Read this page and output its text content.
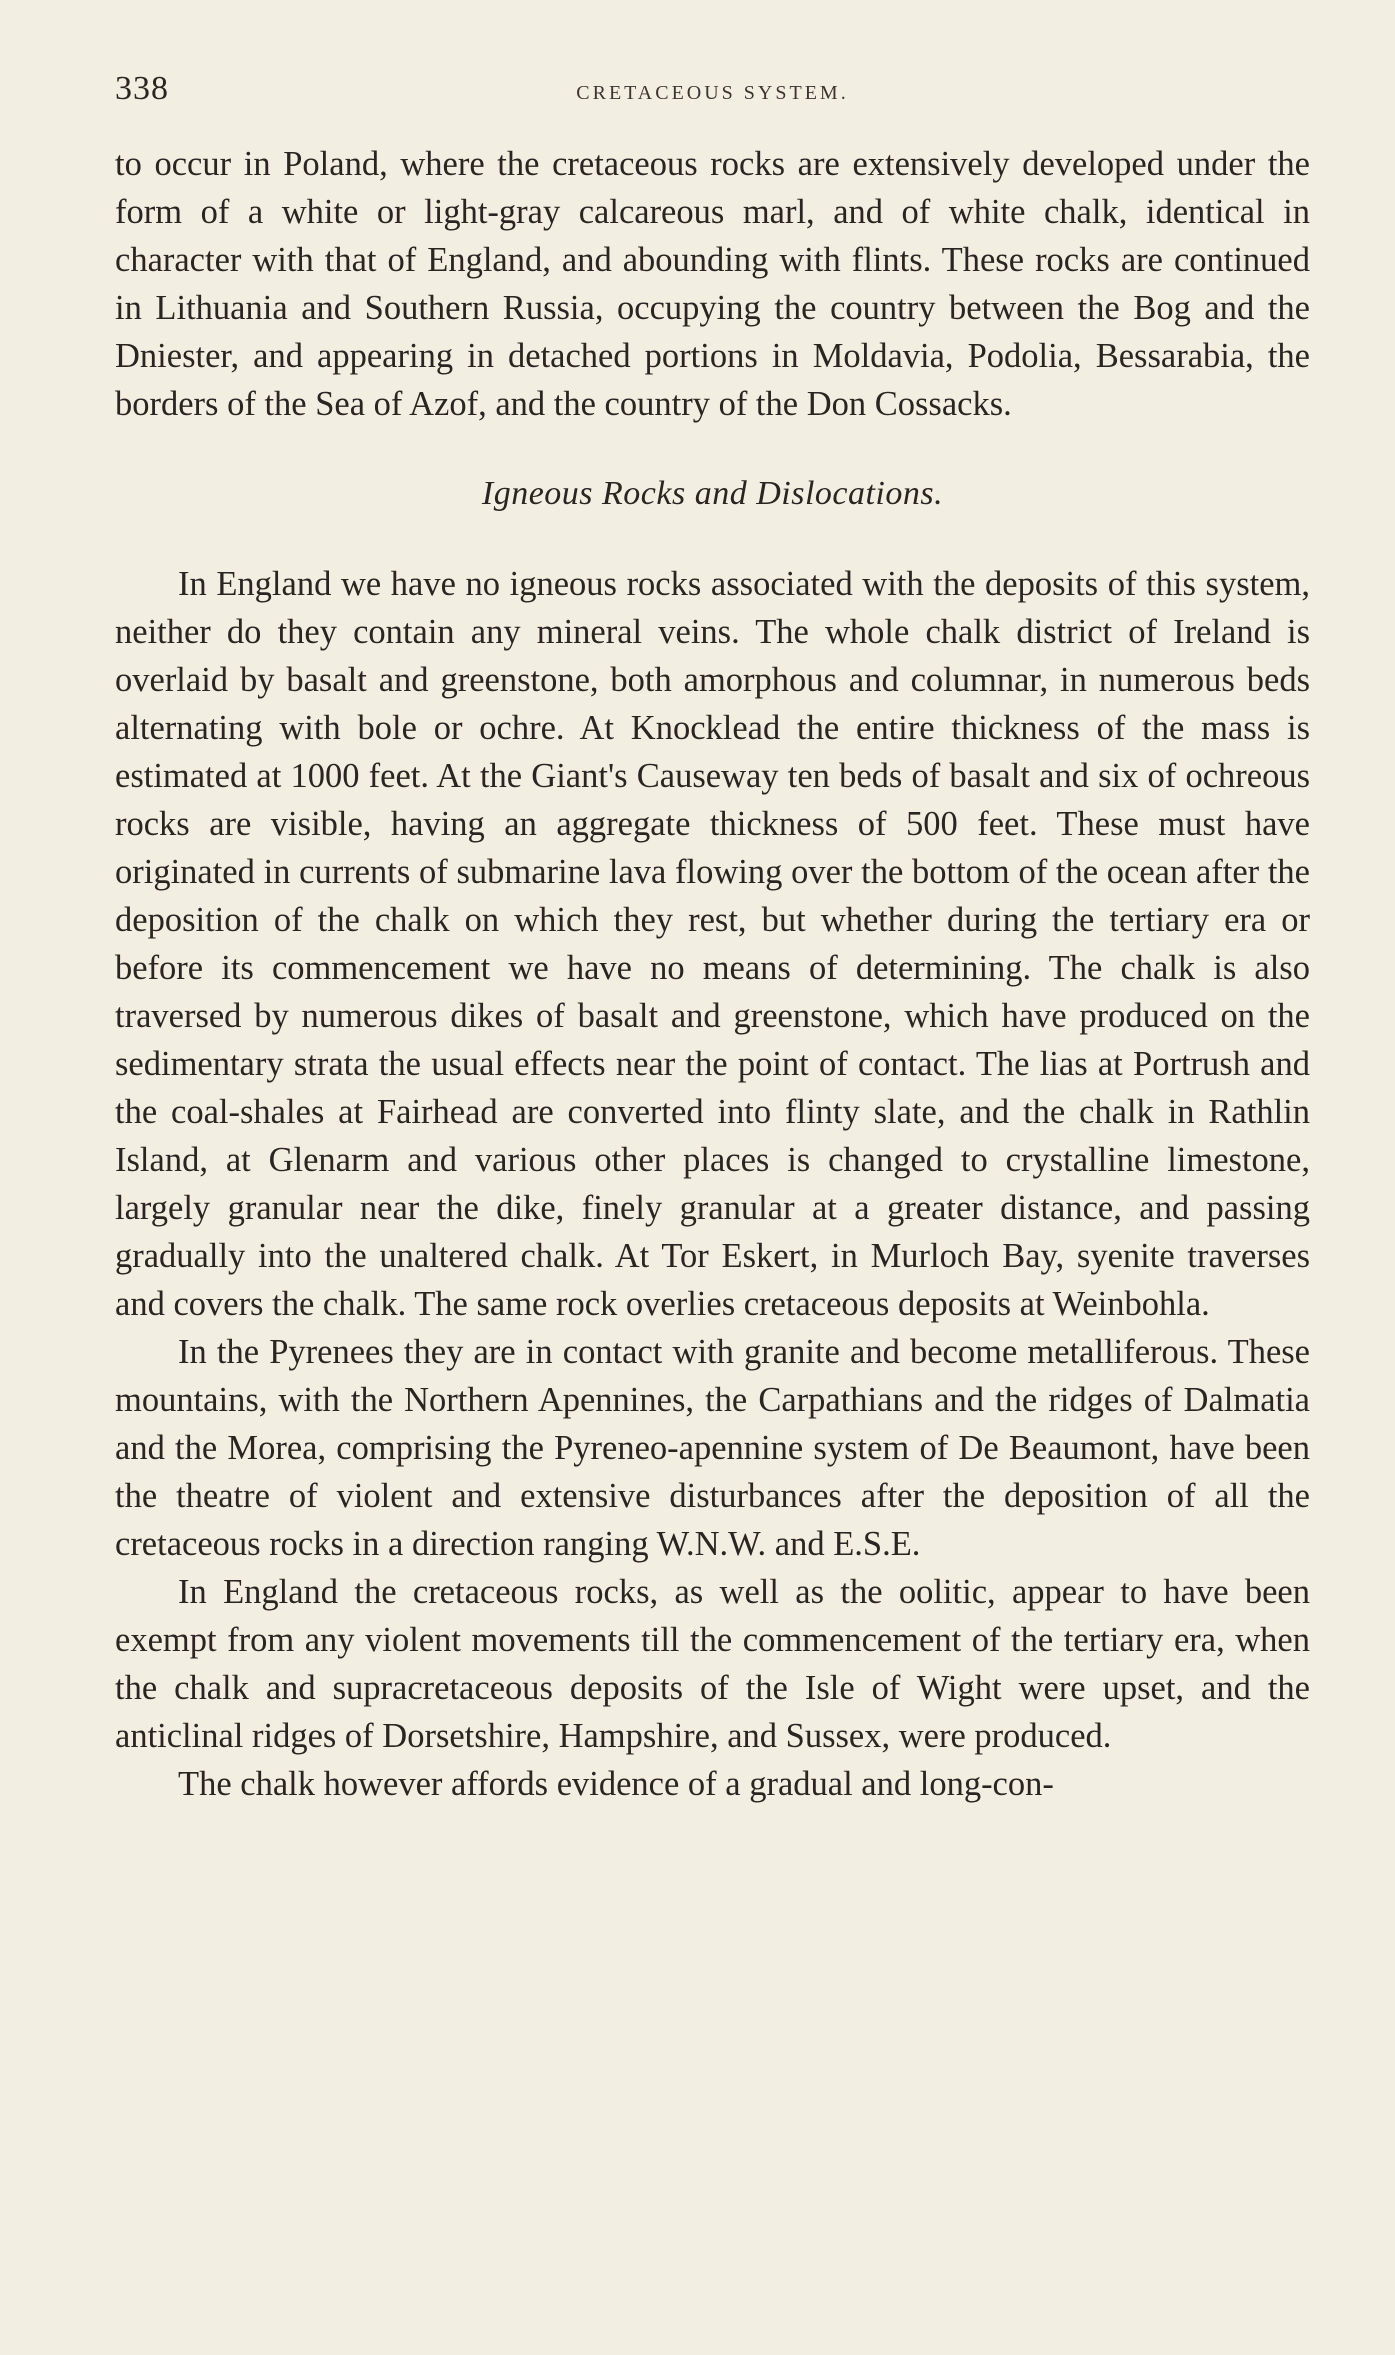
338	CRETACEOUS SYSTEM.

to occur in Poland, where the cretaceous rocks are extensively developed under the form of a white or light-gray calcareous marl, and of white chalk, identical in character with that of England, and abounding with flints. These rocks are continued in Lithuania and Southern Russia, occupying the country between the Bog and the Dniester, and appearing in detached portions in Moldavia, Podolia, Bessarabia, the borders of the Sea of Azof, and the country of the Don Cossacks.

Igneous Rocks and Dislocations.

In England we have no igneous rocks associated with the deposits of this system, neither do they contain any mineral veins. The whole chalk district of Ireland is overlaid by basalt and greenstone, both amorphous and columnar, in numerous beds alternating with bole or ochre. At Knocklead the entire thickness of the mass is estimated at 1000 feet. At the Giant's Causeway ten beds of basalt and six of ochreous rocks are visible, having an aggregate thickness of 500 feet. These must have originated in currents of submarine lava flowing over the bottom of the ocean after the deposition of the chalk on which they rest, but whether during the tertiary era or before its commencement we have no means of determining. The chalk is also traversed by numerous dikes of basalt and greenstone, which have produced on the sedimentary strata the usual effects near the point of contact. The lias at Portrush and the coal-shales at Fairhead are converted into flinty slate, and the chalk in Rathlin Island, at Glenarm and various other places is changed to crystalline limestone, largely granular near the dike, finely granular at a greater distance, and passing gradually into the unaltered chalk. At Tor Eskert, in Murloch Bay, syenite traverses and covers the chalk. The same rock overlies cretaceous deposits at Weinbohla.

In the Pyrenees they are in contact with granite and become metalliferous. These mountains, with the Northern Apennines, the Carpathians and the ridges of Dalmatia and the Morea, comprising the Pyreneo-apennine system of De Beaumont, have been the theatre of violent and extensive disturbances after the deposition of all the cretaceous rocks in a direction ranging W.N.W. and E.S.E.

In England the cretaceous rocks, as well as the oolitic, appear to have been exempt from any violent movements till the commencement of the tertiary era, when the chalk and supracretaceous deposits of the Isle of Wight were upset, and the anticlinal ridges of Dorsetshire, Hampshire, and Sussex, were produced.

The chalk however affords evidence of a gradual and long-con-
